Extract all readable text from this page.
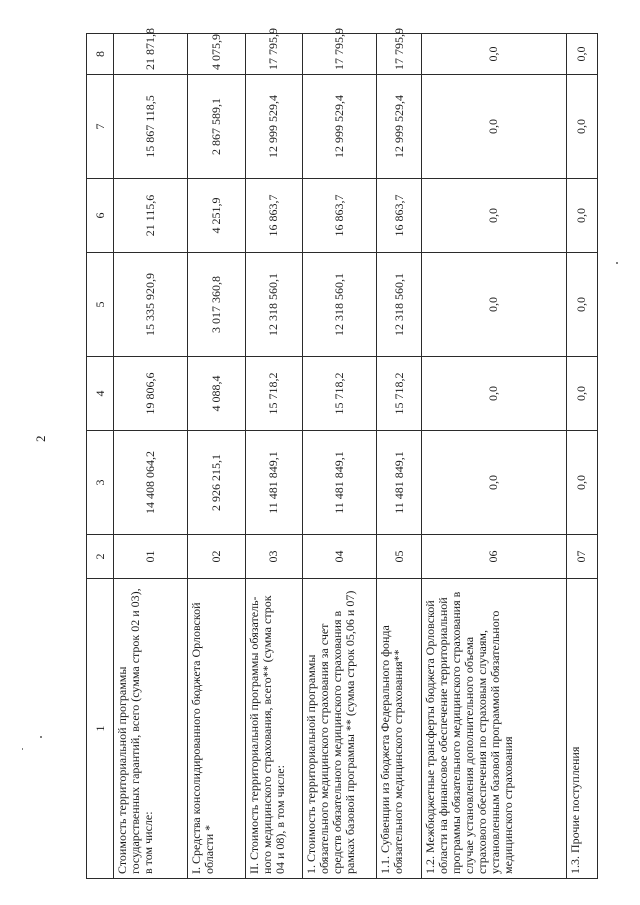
2
1	2	3	4	5	6	7	8
Стоимость территориальной программы государственных гарантий, всего (сумма строк 02 и 03), в том числе:	01	14 408 064,2	19 806,6	15 335 920,9	21 115,6	15 867 118,5	21 871,8
I. Средства консолидированного бюджета Орловской области *	02	2 926 215,1	4 088,4	3 017 360,8	4 251,9	2 867 589,1	4 075,9
II. Стоимость территориальной программы обязатель-ного медицинского страхования, всего** (сумма строк 04 и 08), в том числе:	03	11 481 849,1	15 718,2	12 318 560,1	16 863,7	12 999 529,4	17 795,9
1. Стоимость территориальной программы обязательного медицинского страхования за счет средств обязательного медицинского страхования в рамках базовой программы ** (сумма строк 05,06 и 07)	04	11 481 849,1	15 718,2	12 318 560,1	16 863,7	12 999 529,4	17 795,9
1.1. Субвенции из бюджета Федерального фонда обязательного медицинского страхования**	05	11 481 849,1	15 718,2	12 318 560,1	16 863,7	12 999 529,4	17 795,9
1.2. Межбюджетные трансферты бюджета Орловской области на финансовое обеспечение территориальной программы обязательного медицинского страхования в случае установления дополнительного объема страхового обеспечения по страховым случаям, установленным базовой программой обязательного медицинского страхования	06	0,0	0,0	0,0	0,0	0,0	0,0
1.3. Прочие поступления	07	0,0	0,0	0,0	0,0	0,0	0,0
